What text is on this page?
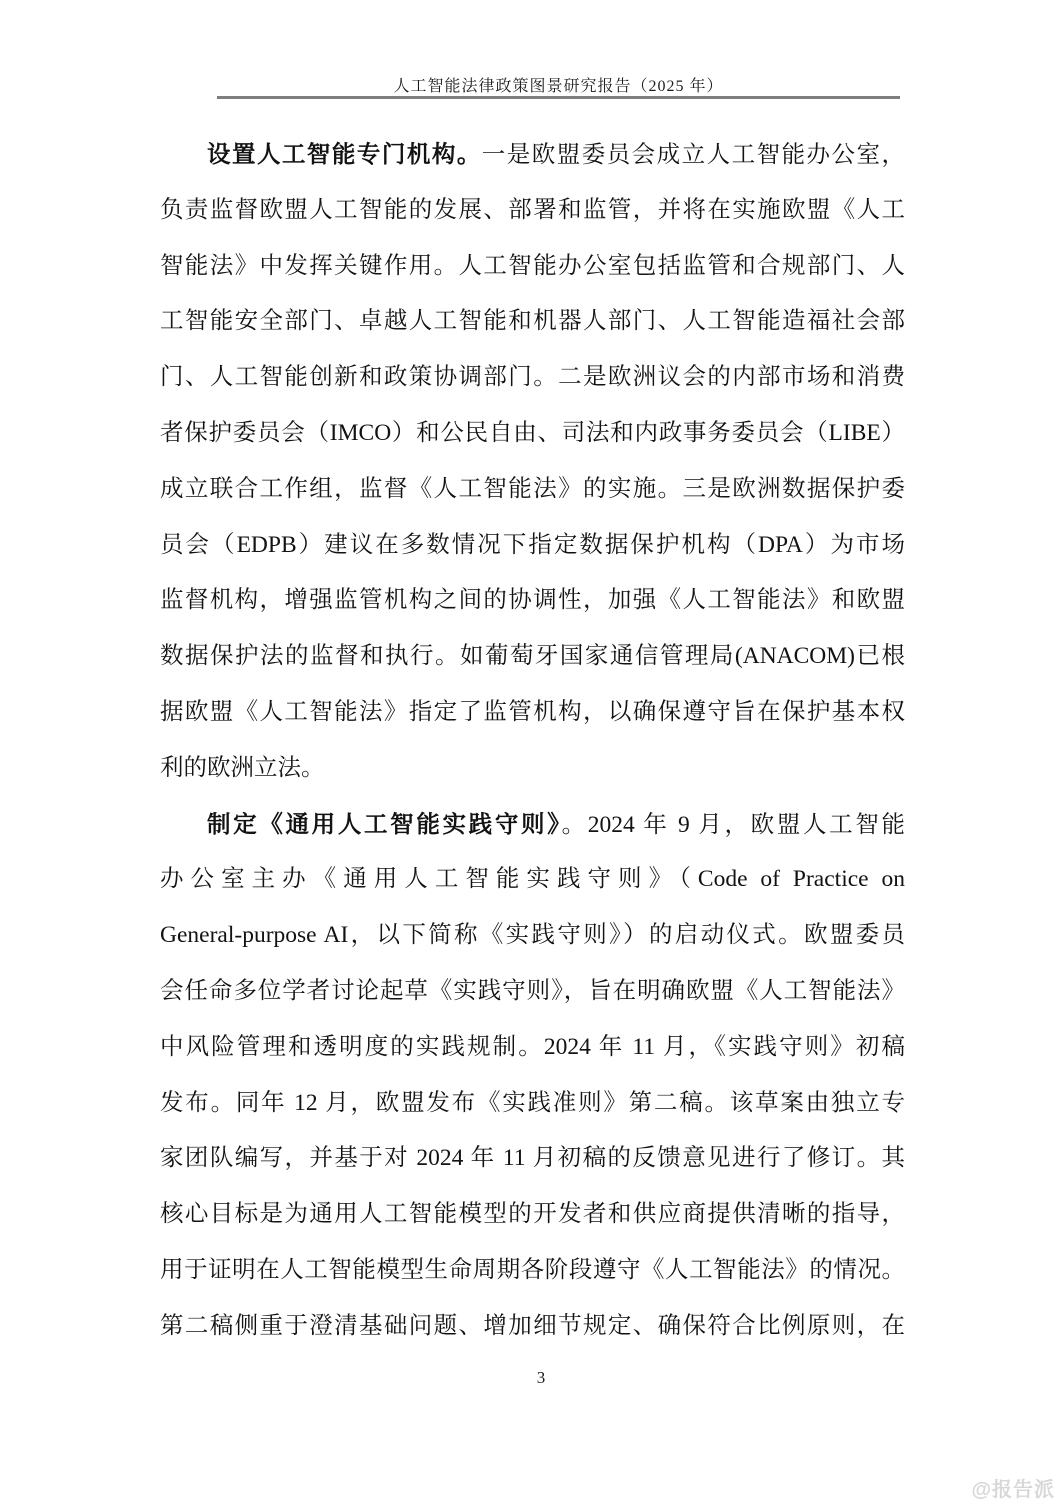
人工智能法律政策图景研究报告（2025 年）
设置人工智能专门机构。一是欧盟委员会成立人工智能办公室，
负责监督欧盟人工智能的发展、部署和监管，并将在实施欧盟《人工
智能法》中发挥关键作用。人工智能办公室包括监管和合规部门、人
工智能安全部门、卓越人工智能和机器人部门、人工智能造福社会部
门、人工智能创新和政策协调部门。二是欧洲议会的内部市场和消费
者保护委员会（IMCO）和公民自由、司法和内政事务委员会（LIBE）
成立联合工作组，监督《人工智能法》的实施。三是欧洲数据保护委
员会（EDPB）建议在多数情况下指定数据保护机构（DPA）为市场
监督机构，增强监管机构之间的协调性，加强《人工智能法》和欧盟
数据保护法的监督和执行。如葡萄牙国家通信管理局(ANACOM)已根
据欧盟《人工智能法》指定了监管机构，以确保遵守旨在保护基本权
利的欧洲立法。
制定《通用人工智能实践守则》。2024 年 9 月，欧盟人工智能
办公室主办《通用人工智能实践守则》（Code of Practice on
General-purpose AI，以下简称《实践守则》）的启动仪式。欧盟委员
会任命多位学者讨论起草《实践守则》，旨在明确欧盟《人工智能法》
中风险管理和透明度的实践规制。2024 年 11 月，《实践守则》初稿
发布。同年 12 月，欧盟发布《实践准则》第二稿。该草案由独立专
家团队编写，并基于对 2024 年 11 月初稿的反馈意见进行了修订。其
核心目标是为通用人工智能模型的开发者和供应商提供清晰的指导，
用于证明在人工智能模型生命周期各阶段遵守《人工智能法》的情况。
第二稿侧重于澄清基础问题、增加细节规定、确保符合比例原则，在
3
@报告派
